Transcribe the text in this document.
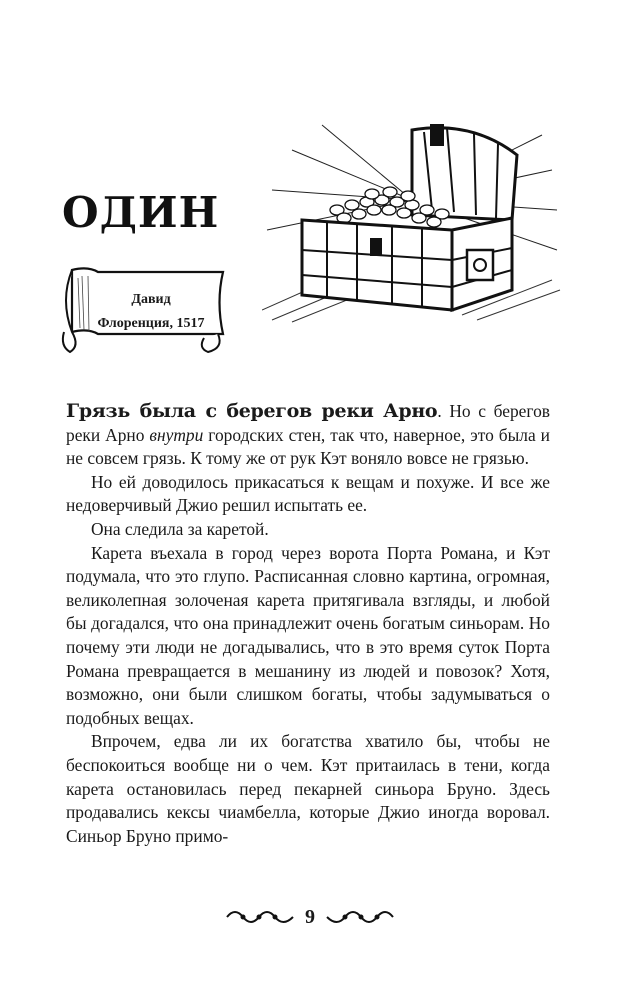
ОДИН
Давид
Флоренция, 1517

Грязь была с берегов реки Арно. Но с берегов реки Арно внутри городских стен, так что, наверное, это была и не совсем грязь. К тому же от рук Кэт воняло вовсе не грязью.

Но ей доводилось прикасаться к вещам и похуже. И все же недоверчивый Джио решил испытать ее.

Она следила за каретой.

Карета въехала в город через ворота Порта Романа, и Кэт подумала, что это глупо. Расписанная словно картина, огромная, великолепная золоченая карета притягивала взгляды, и любой бы догадался, что она принадлежит очень богатым синьорам. Но почему эти люди не догадывались, что в это время суток Порта Романа превращается в мешанину из людей и повозок? Хотя, возможно, они были слишком богаты, чтобы задумываться о подобных вещах.

Впрочем, едва ли их богатства хватило бы, чтобы не беспокоиться вообще ни о чем. Кэт притаилась в тени, когда карета остановилась перед пекарней синьора Бруно. Здесь продавались кексы чиамбелла, которые Джио иногда воровал. Синьор Бруно примо-

9
